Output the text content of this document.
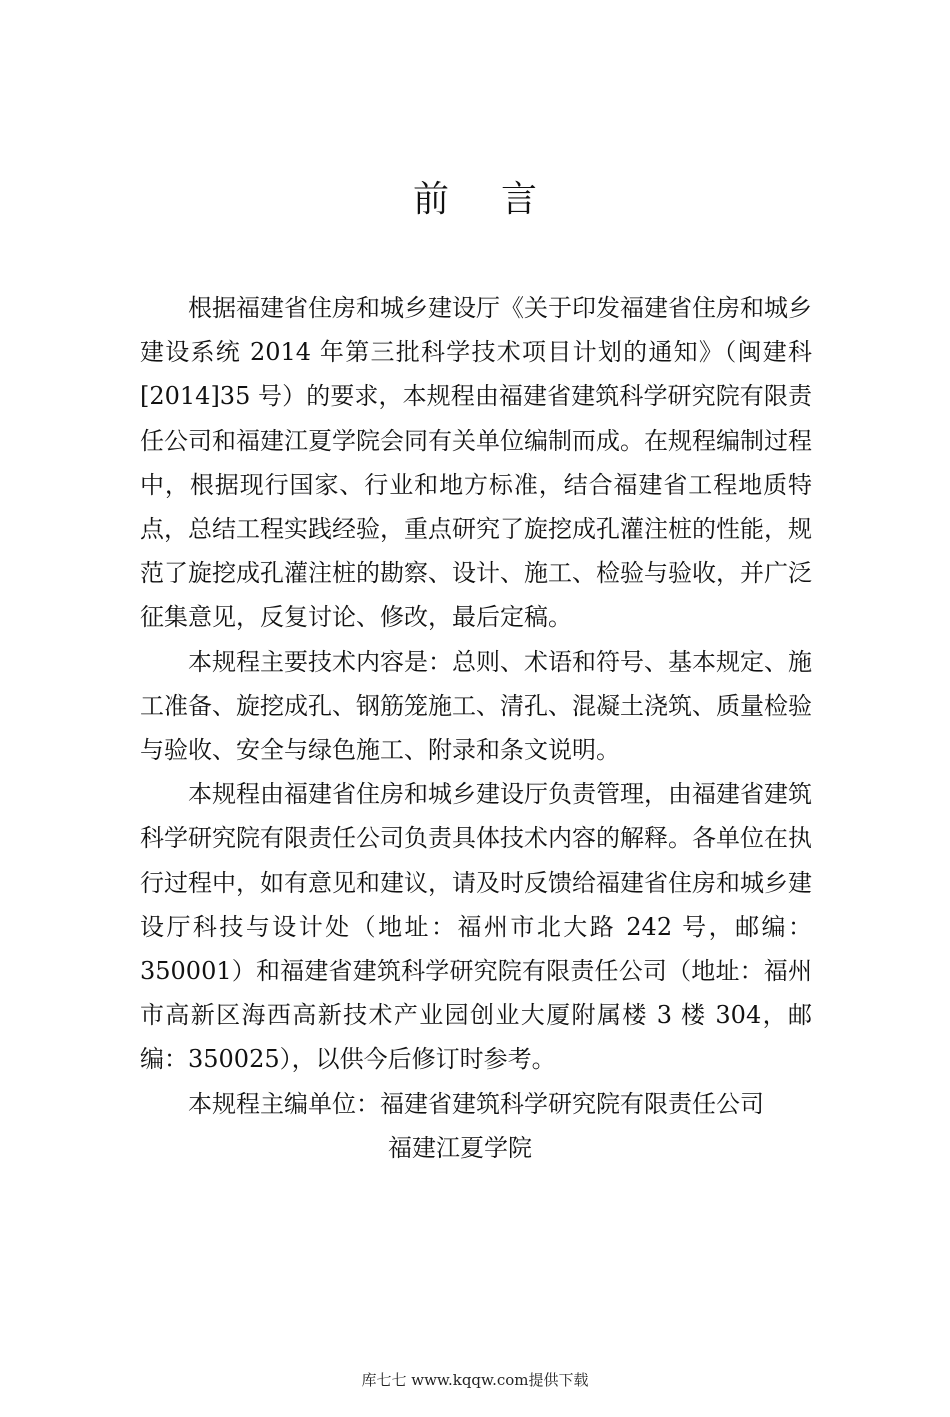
前 言

根据福建省住房和城乡建设厅《关于印发福建省住房和城乡建设系统 2014 年第三批科学技术项目计划的通知》（闽建科[2014]35 号）的要求，本规程由福建省建筑科学研究院有限责任公司和福建江夏学院会同有关单位编制而成。在规程编制过程中，根据现行国家、行业和地方标准，结合福建省工程地质特点，总结工程实践经验，重点研究了旋挖成孔灌注桩的性能，规范了旋挖成孔灌注桩的勘察、设计、施工、检验与验收，并广泛征集意见，反复讨论、修改，最后定稿。

本规程主要技术内容是：总则、术语和符号、基本规定、施工准备、旋挖成孔、钢筋笼施工、清孔、混凝土浇筑、质量检验与验收、安全与绿色施工、附录和条文说明。

本规程由福建省住房和城乡建设厅负责管理，由福建省建筑科学研究院有限责任公司负责具体技术内容的解释。各单位在执行过程中，如有意见和建议，请及时反馈给福建省住房和城乡建设厅科技与设计处（地址：福州市北大路 242 号，邮编：350001）和福建省建筑科学研究院有限责任公司（地址：福州市高新区海西高新技术产业园创业大厦附属楼 3 楼 304，邮编：350025），以供今后修订时参考。

本规程主编单位：福建省建筑科学研究院有限责任公司

福建江夏学院

库七七 www.kqqw.com提供下载
